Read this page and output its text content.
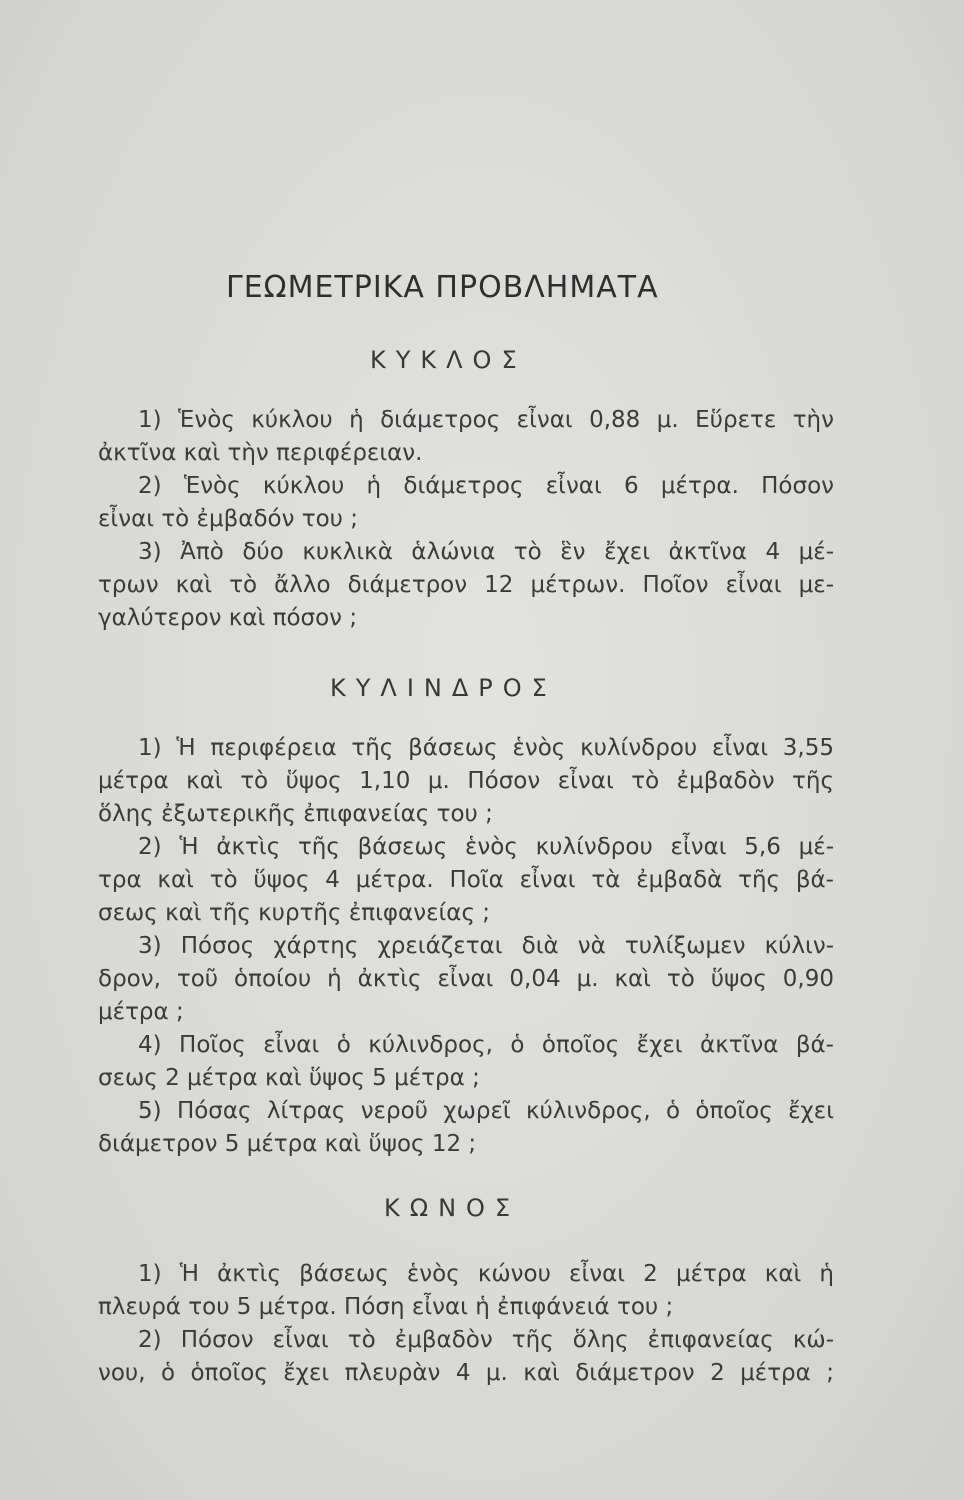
ΓΕΩΜΕΤΡΙΚΑ ΠΡΟΒΛΗΜΑΤΑ
ΚΥΚΛΟΣ
1) Ἑνὸς κύκλου ἡ διάμετρος εἶναι 0,88 μ. Εὕρετε τὴν
ἀκτῖνα καὶ τὴν περιφέρειαν.
2) Ἑνὸς κύκλου ἡ διάμετρος εἶναι 6 μέτρα. Πόσον
εἶναι τὸ ἐμβαδόν του ;
3) Ἀπὸ δύο κυκλικὰ ἁλώνια τὸ ἓν ἔχει ἀκτῖνα 4 μέ-
τρων καὶ τὸ ἄλλο διάμετρον 12 μέτρων. Ποῖον εἶναι με-
γαλύτερον καὶ πόσον ;
ΚΥΛΙΝΔΡΟΣ
1) Ἡ περιφέρεια τῆς βάσεως ἑνὸς κυλίνδρου εἶναι 3,55
μέτρα καὶ τὸ ὕψος 1,10 μ. Πόσον εἶναι τὸ ἐμβαδὸν τῆς
ὅλης ἐξωτερικῆς ἐπιφανείας του ;
2) Ἡ ἀκτὶς τῆς βάσεως ἑνὸς κυλίνδρου εἶναι 5,6 μέ-
τρα καὶ τὸ ὕψος 4 μέτρα. Ποῖα εἶναι τὰ ἐμβαδὰ τῆς βά-
σεως καὶ τῆς κυρτῆς ἐπιφανείας ;
3) Πόσος χάρτης χρειάζεται διὰ νὰ τυλίξωμεν κύλιν-
δρον, τοῦ ὁποίου ἡ ἀκτὶς εἶναι 0,04 μ. καὶ τὸ ὕψος 0,90
μέτρα ;
4) Ποῖος εἶναι ὁ κύλινδρος, ὁ ὁποῖος ἔχει ἀκτῖνα βά-
σεως 2 μέτρα καὶ ὕψος 5 μέτρα ;
5) Πόσας λίτρας νεροῦ χωρεῖ κύλινδρος, ὁ ὁποῖος ἔχει
διάμετρον 5 μέτρα καὶ ὕψος 12 ;
ΚΩΝΟΣ
1) Ἡ ἀκτὶς βάσεως ἑνὸς κώνου εἶναι 2 μέτρα καὶ ἡ
πλευρά του 5 μέτρα. Πόση εἶναι ἡ ἐπιφάνειά του ;
2) Πόσον εἶναι τὸ ἐμβαδὸν τῆς ὅλης ἐπιφανείας κώ-
νου, ὁ ὁποῖος ἔχει πλευρὰν 4 μ. καὶ διάμετρον 2 μέτρα ;
